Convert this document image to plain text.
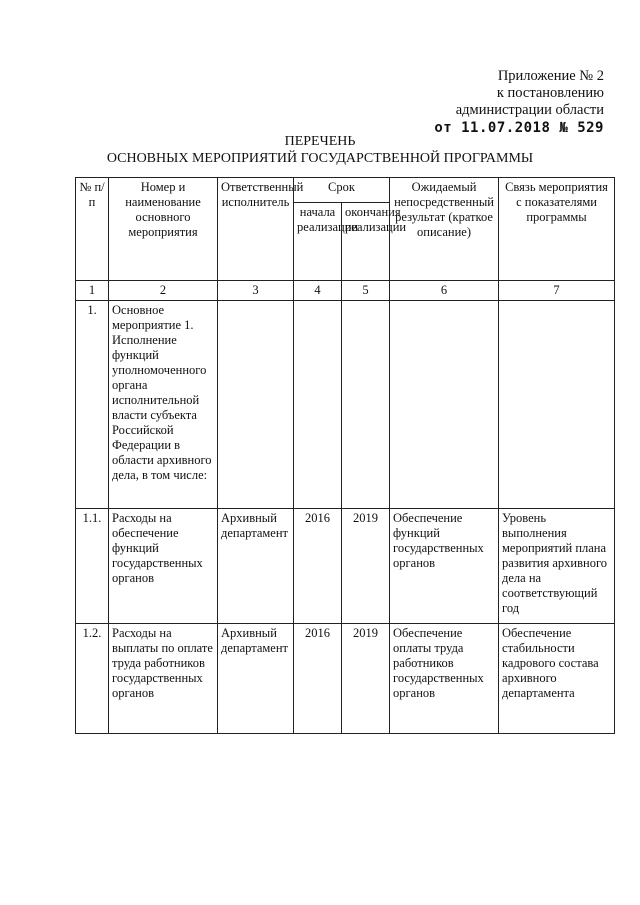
Приложение № 2
к постановлению
администрации области
от 11.07.2018 № 529
ПЕРЕЧЕНЬ
ОСНОВНЫХ МЕРОПРИЯТИЙ ГОСУДАРСТВЕННОЙ ПРОГРАММЫ
№ п/п	Номер и наименование основного мероприятия	Ответственный исполнитель	Срок		Ожидаемый непосредственный результат (краткое описание)	Связь мероприятия с показателями программы
			начала реализации	окончания реализации		
1	2	3	4	5	6	7
1.	Основное мероприятие 1. Исполнение функций уполномоченного органа исполнительной власти субъекта Российской Федерации в области архивного дела, в том числе:					
1.1.	Расходы на обеспечение функций государственных органов	Архивный департамент	2016	2019	Обеспечение функций государственных органов	Уровень выполнения мероприятий плана развития архивного дела на соответствующий год
1.2.	Расходы на выплаты по оплате труда работников государственных органов	Архивный департамент	2016	2019	Обеспечение оплаты труда работников государственных органов	Обеспечение стабильности кадрового состава архивного департамента
